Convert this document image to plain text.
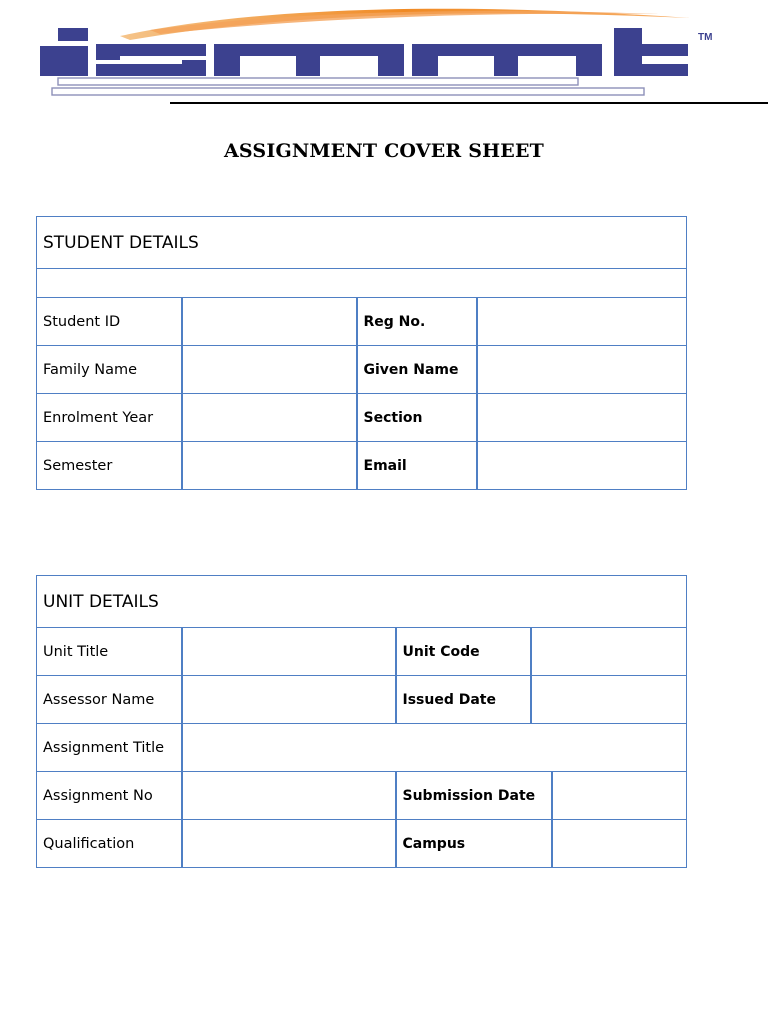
TM
ASSIGNMENT COVER SHEET
STUDENT DETAILS			

Student ID		Reg No.	
Family Name		Given Name	
Enrolment Year		Section	
Semester		Email	
UNIT DETAILS				
Unit Title		Unit Code		
Assessor Name		Issued Date		
Assignment Title				
Assignment No		Submission Date		
Qualification		Campus		
